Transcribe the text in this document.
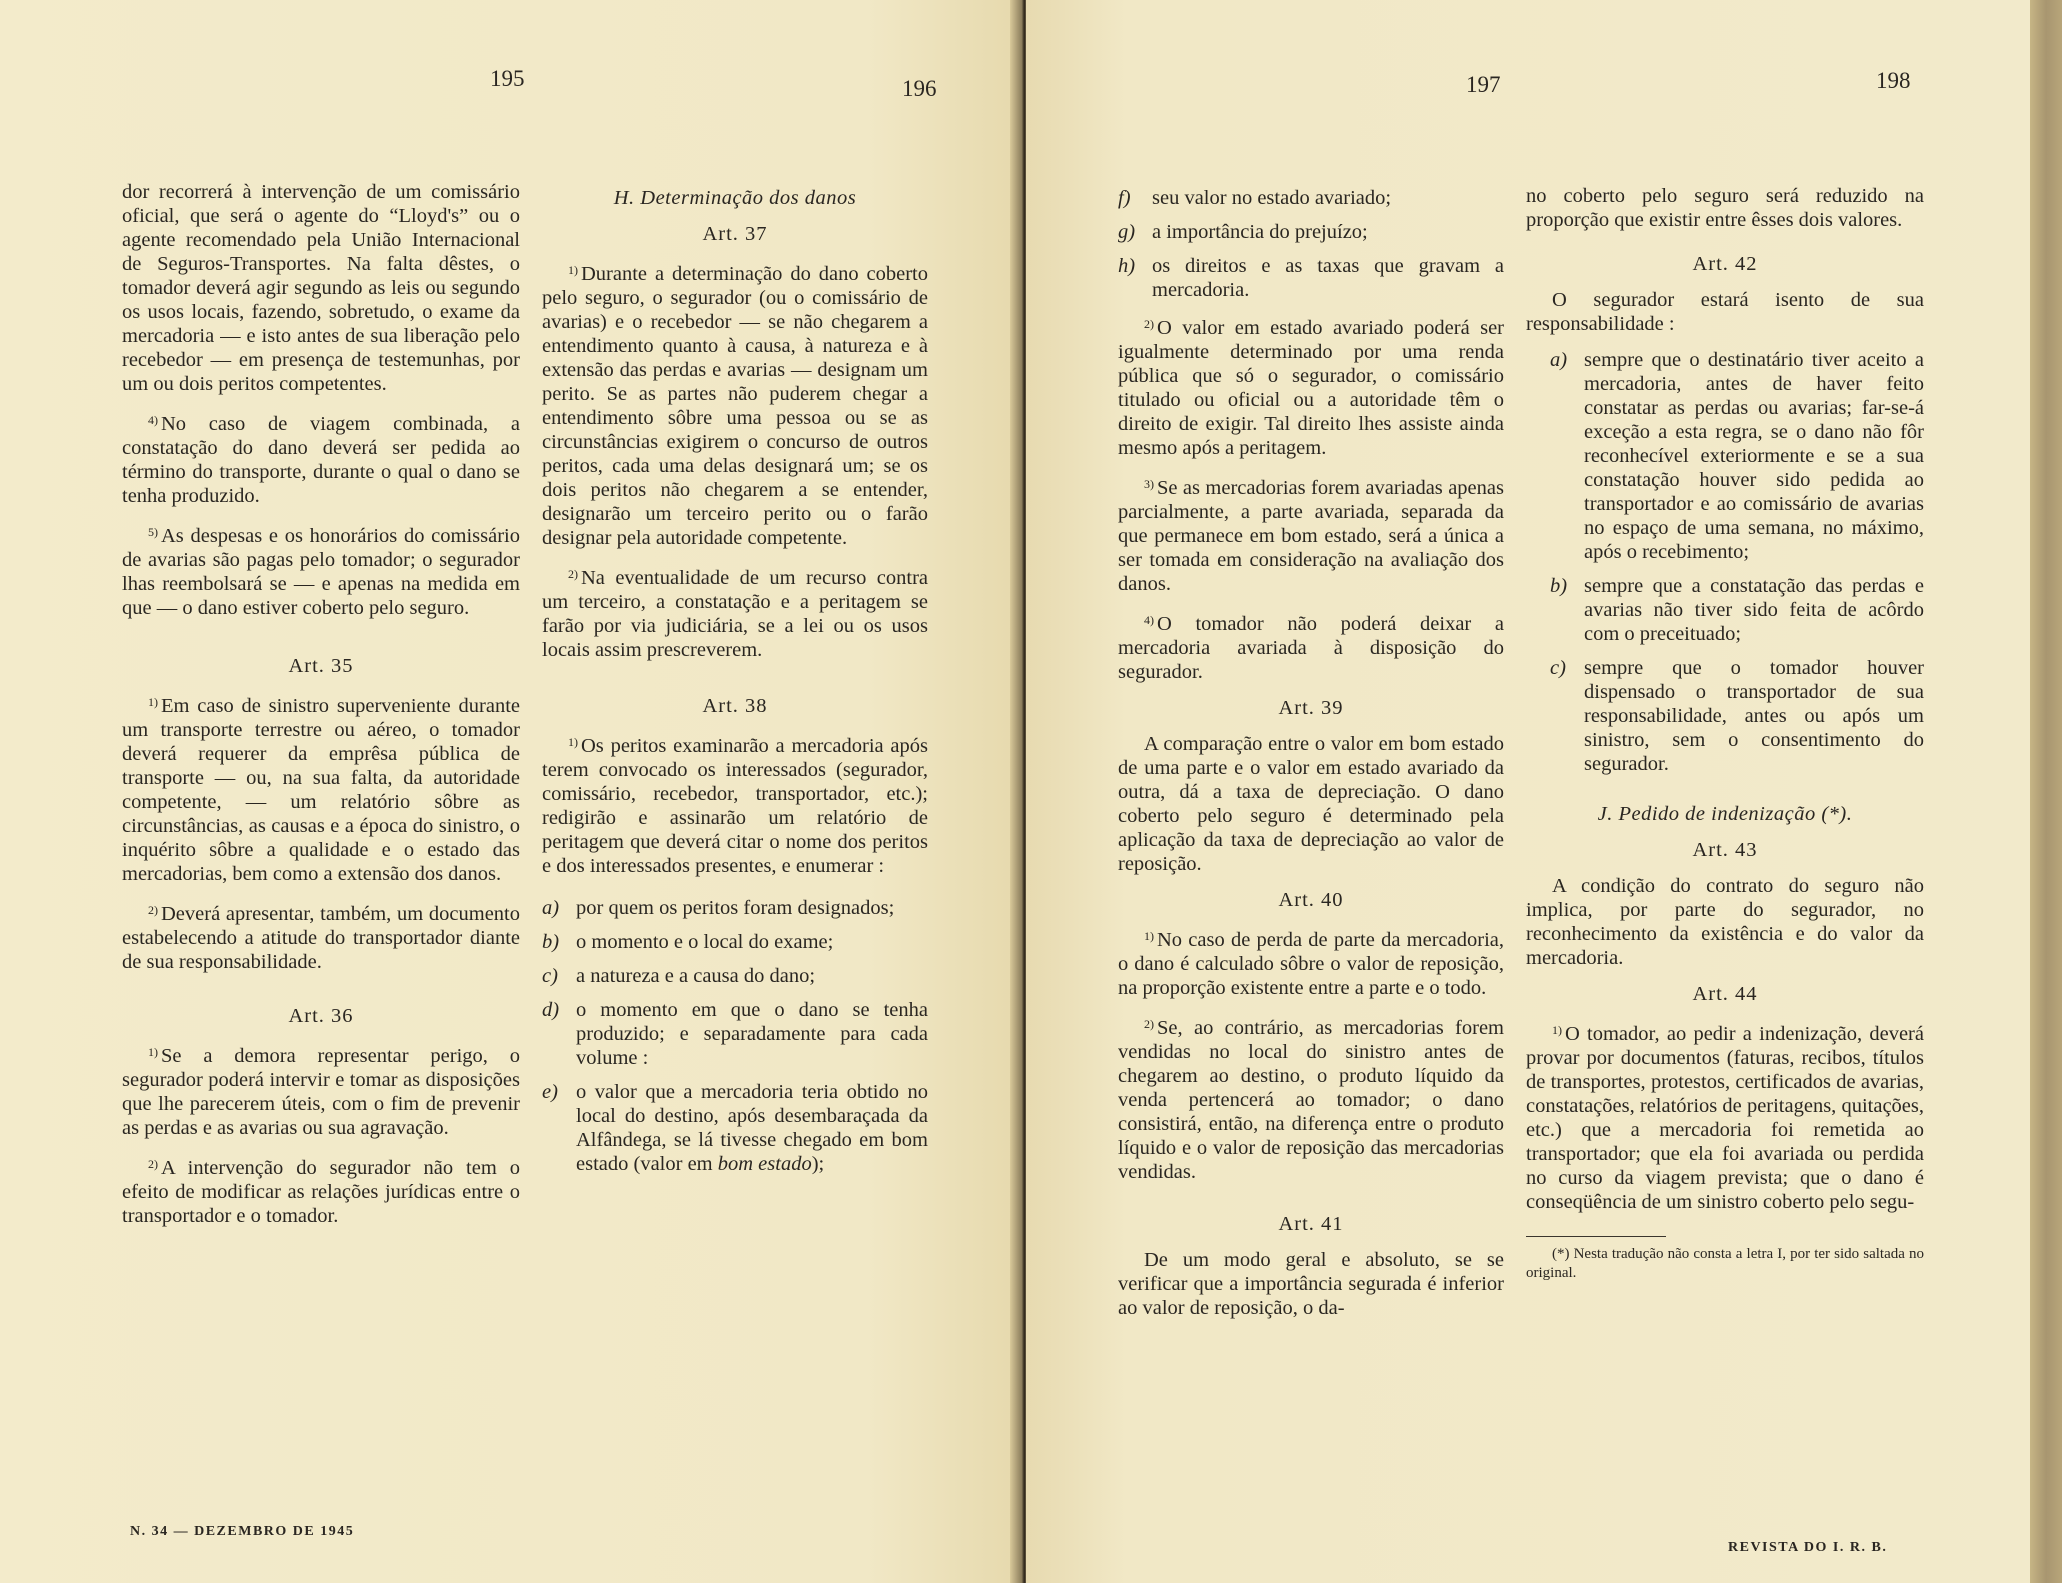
195	196

dor recorrerá à intervenção de um comissário oficial, que será o agente do “Lloyd's” ou o agente recomendado pela União Internacional de Seguros-Transportes. Na falta dêstes, o tomador deverá agir segundo as leis ou segundo os usos locais, fazendo, sobretudo, o exame da mercadoria — e isto antes de sua liberação pelo recebedor — em presença de testemunhas, por um ou dois peritos competentes.

$^{4)}$ No caso de viagem combinada, a constatação do dano deverá ser pedida ao término do transporte, durante o qual o dano se tenha produzido.

$^{5)}$ As despesas e os honorários do comissário de avarias são pagas pelo tomador; o segurador lhas reembolsará se — e apenas na medida em que — o dano estiver coberto pelo seguro.

Art. 35

$^{1)}$ Em caso de sinistro superveniente durante um transporte terrestre ou aéreo, o tomador deverá requerer da emprêsa pública de transporte — ou, na sua falta, da autoridade competente, — um relatório sôbre as circunstâncias, as causas e a época do sinistro, o inquérito sôbre a qualidade e o estado das mercadorias, bem como a extensão dos danos.

$^{2)}$ Deverá apresentar, também, um documento estabelecendo a atitude do transportador diante de sua responsabilidade.

Art. 36

$^{1)}$ Se a demora representar perigo, o segurador poderá intervir e tomar as disposições que lhe parecerem úteis, com o fim de prevenir as perdas e as avarias ou sua agravação.

$^{2)}$ A intervenção do segurador não tem o efeito de modificar as relações jurídicas entre o transportador e o tomador.

H. Determinação dos danos

Art. 37

$^{1)}$ Durante a determinação do dano coberto pelo seguro, o segurador (ou o comissário de avarias) e o recebedor — se não chegarem a entendimento quanto à causa, à natureza e à extensão das perdas e avarias — designam um perito. Se as partes não puderem chegar a entendimento sôbre uma pessoa ou se as circunstâncias exigirem o concurso de outros peritos, cada uma delas designará um; se os dois peritos não chegarem a se entender, designarão um terceiro perito ou o farão designar pela autoridade competente.

$^{2)}$ Na eventualidade de um recurso contra um terceiro, a constatação e a peritagem se farão por via judiciária, se a lei ou os usos locais assim prescreverem.

Art. 38

$^{1)}$ Os peritos examinarão a mercadoria após terem convocado os interessados (segurador, comissário, recebedor, transportador, etc.); redigirão e assinarão um relatório de peritagem que deverá citar o nome dos peritos e dos interessados presentes, e enumerar :

a) por quem os peritos foram designados;
b) o momento e o local do exame;
c) a natureza e a causa do dano;
d) o momento em que o dano se tenha produzido; e separadamente para cada volume :
e) o valor que a mercadoria teria obtido no local do destino, após desembaraçada da Alfândega, se lá tivesse chegado em bom estado (valor em bom estado);
N. 34 — DEZEMBRO DE 1945
197	198
f)	seu valor no estado avariado;
g) a importância do prejuízo;
h) os direitos e as taxas que gravam a mercadoria.

$^{2)}$ O valor em estado avariado poderá ser igualmente determinado por uma renda pública que só o segurador, o comissário titulado ou oficial ou a autoridade têm o direito de exigir. Tal direito lhes assiste ainda mesmo após a peritagem.

$^{3)}$ Se as mercadorias forem avariadas apenas parcialmente, a parte avariada, separada da que permanece em bom estado, será a única a ser tomada em consideração na avaliação dos danos.

$^{4)}$ O tomador não poderá deixar a mercadoria avariada à disposição do segurador.

Art. 39

A comparação entre o valor em bom estado de uma parte e o valor em estado avariado da outra, dá a taxa de depreciação. O dano coberto pelo seguro é determinado pela aplicação da taxa de depreciação ao valor de reposição.

Art. 40

$^{1)}$ No caso de perda de parte da mercadoria, o dano é calculado sôbre o valor de reposição, na proporção existente entre a parte e o todo.

$^{2)}$ Se, ao contrário, as mercadorias forem vendidas no local do sinistro antes de chegarem ao destino, o produto líquido da venda pertencerá ao tomador; o dano consistirá, então, na diferença entre o produto líquido e o valor de reposição das mercadorias vendidas.

Art. 41

De um modo geral e absoluto, se se verificar que a importância segurada é inferior ao valor de reposição, o da-

no coberto pelo seguro será reduzido na proporção que existir entre êsses dois valores.

Art. 42

O segurador estará isento de sua responsabilidade :

a) sempre que o destinatário tiver aceito a mercadoria, antes de haver feito constatar as perdas ou avarias; far-se-á exceção a esta regra, se o dano não fôr reconhecível exteriormente e se a sua constatação houver sido pedida ao transportador e ao comissário de avarias no espaço de uma semana, no máximo, após o recebimento;
b) sempre que a constatação das perdas e avarias não tiver sido feita de acôrdo com o preceituado;
c) sempre que o tomador houver dispensado o transportador de sua responsabilidade, antes ou após um sinistro, sem o consentimento do segurador.

J. Pedido de indenização (*).

Art. 43

A condição do contrato do seguro não implica, por parte do segurador, no reconhecimento da existência e do valor da mercadoria.

Art. 44

$^{1)}$ O tomador, ao pedir a indenização, deverá provar por documentos (faturas, recibos, títulos de transportes, protestos, certificados de avarias, constatações, relatórios de peritagens, quitações, etc.) que a mercadoria foi remetida ao transportador; que ela foi avariada ou perdida no curso da viagem prevista; que o dano é conseqüência de um sinistro coberto pelo segu-

(*) Nesta tradução não consta a letra I, por ter sido saltada no original.

REVISTA DO I. R. B.
